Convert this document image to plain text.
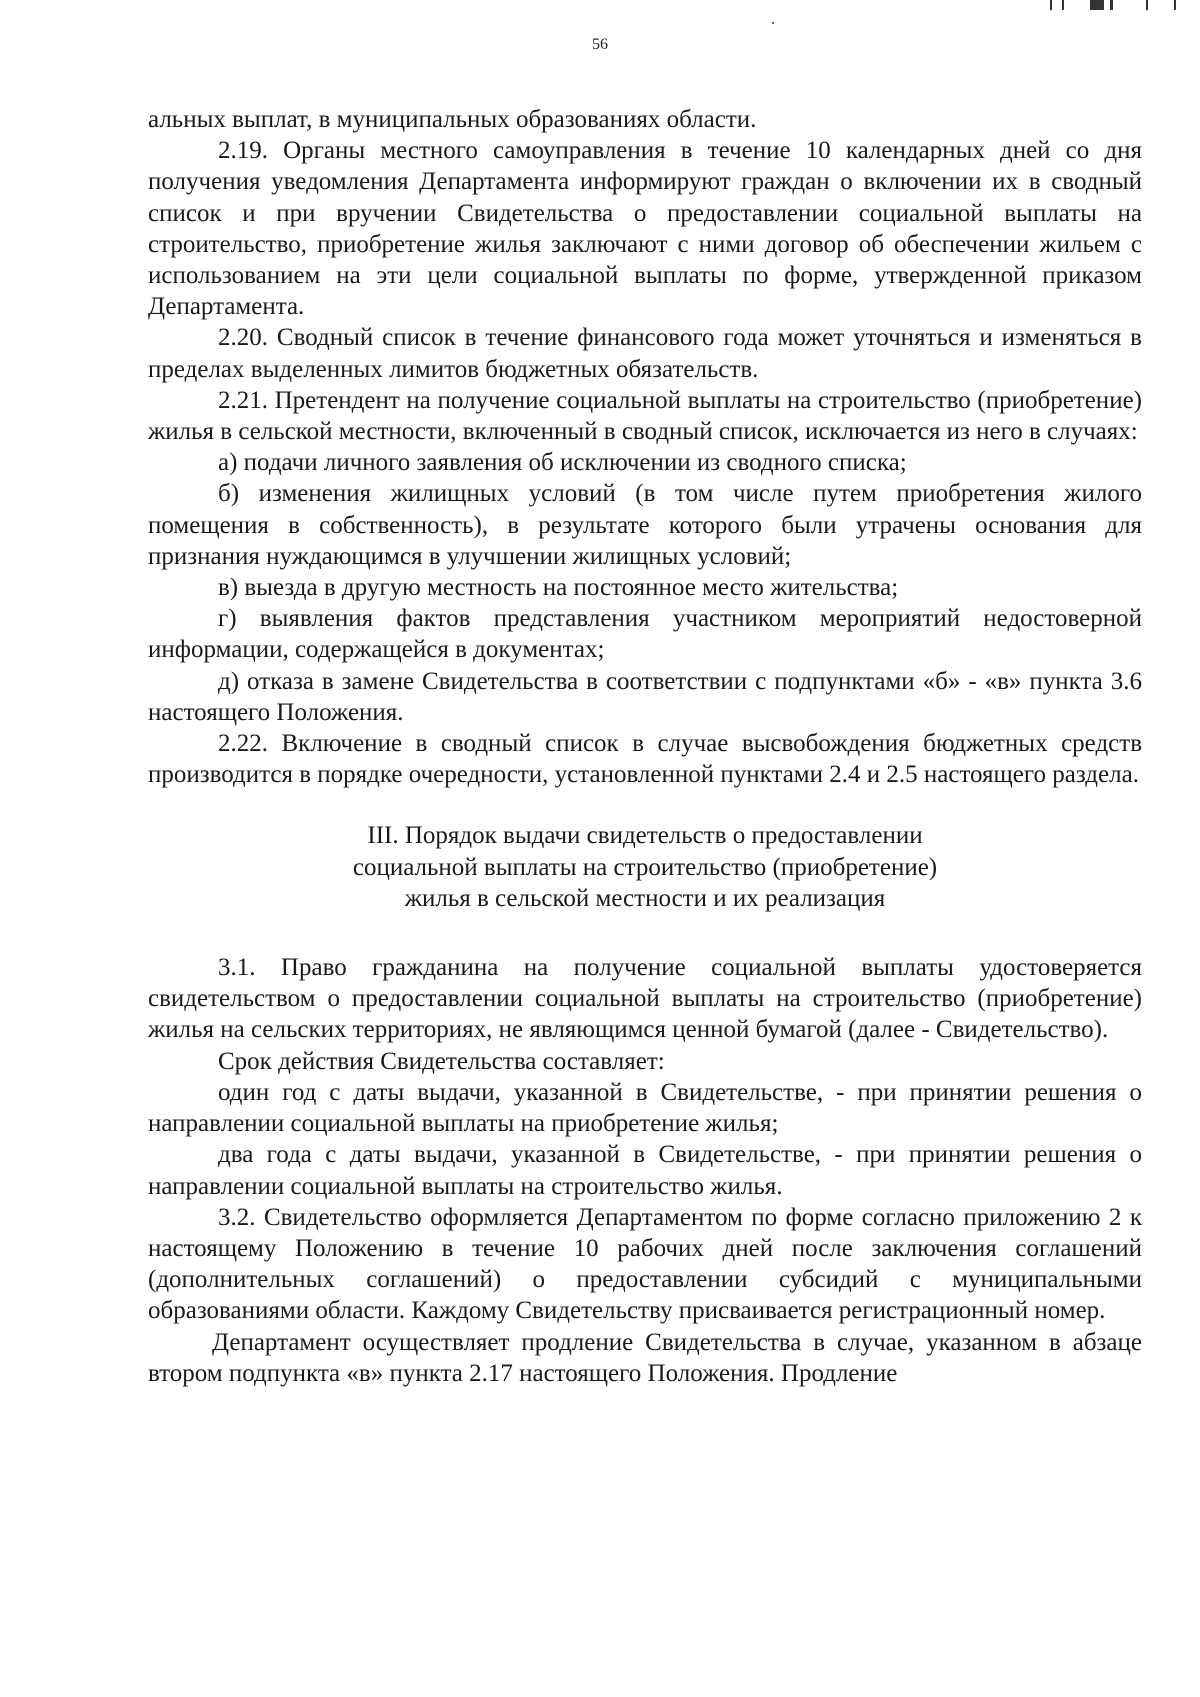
56

альных выплат, в муниципальных образованиях области.

2.19. Органы местного самоуправления в течение 10 календарных дней со дня получения уведомления Департамента информируют граждан о включении их в сводный список и при вручении Свидетельства о предоставлении социальной выплаты на строительство, приобретение жилья заключают с ними договор об обеспечении жильем с использованием на эти цели социальной выплаты по форме, утвержденной приказом Департамента.

2.20. Сводный список в течение финансового года может уточняться и изменяться в пределах выделенных лимитов бюджетных обязательств.

2.21. Претендент на получение социальной выплаты на строительство (приобретение) жилья в сельской местности, включенный в сводный список, исключается из него в случаях:

а) подачи личного заявления об исключении из сводного списка;

б) изменения жилищных условий (в том числе путем приобретения жилого помещения в собственность), в результате которого были утрачены основания для признания нуждающимся в улучшении жилищных условий;

в) выезда в другую местность на постоянное место жительства;

г) выявления фактов представления участником мероприятий недостоверной информации, содержащейся в документах;

д) отказа в замене Свидетельства в соответствии с подпунктами «б» - «в» пункта 3.6 настоящего Положения.

2.22. Включение в сводный список в случае высвобождения бюджетных средств производится в порядке очередности, установленной пунктами 2.4 и 2.5 настоящего раздела.

III. Порядок выдачи свидетельств о предоставлении
социальной выплаты на строительство (приобретение)
жилья в сельской местности и их реализация

3.1. Право гражданина на получение социальной выплаты удостоверяется свидетельством о предоставлении социальной выплаты на строительство (приобретение) жилья на сельских территориях, не являющимся ценной бумагой (далее - Свидетельство).

Срок действия Свидетельства составляет:

один год с даты выдачи, указанной в Свидетельстве, - при принятии решения о направлении социальной выплаты на приобретение жилья;

два года с даты выдачи, указанной в Свидетельстве, - при принятии решения о направлении социальной выплаты на строительство жилья.

3.2. Свидетельство оформляется Департаментом по форме согласно приложению 2 к настоящему Положению в течение 10 рабочих дней после заключения соглашений (дополнительных соглашений) о предоставлении субсидий с муниципальными образованиями области. Каждому Свидетельству присваивается регистрационный номер.

Департамент осуществляет продление Свидетельства в случае, указанном в абзаце втором подпункта «в» пункта 2.17 настоящего Положения. Продление
